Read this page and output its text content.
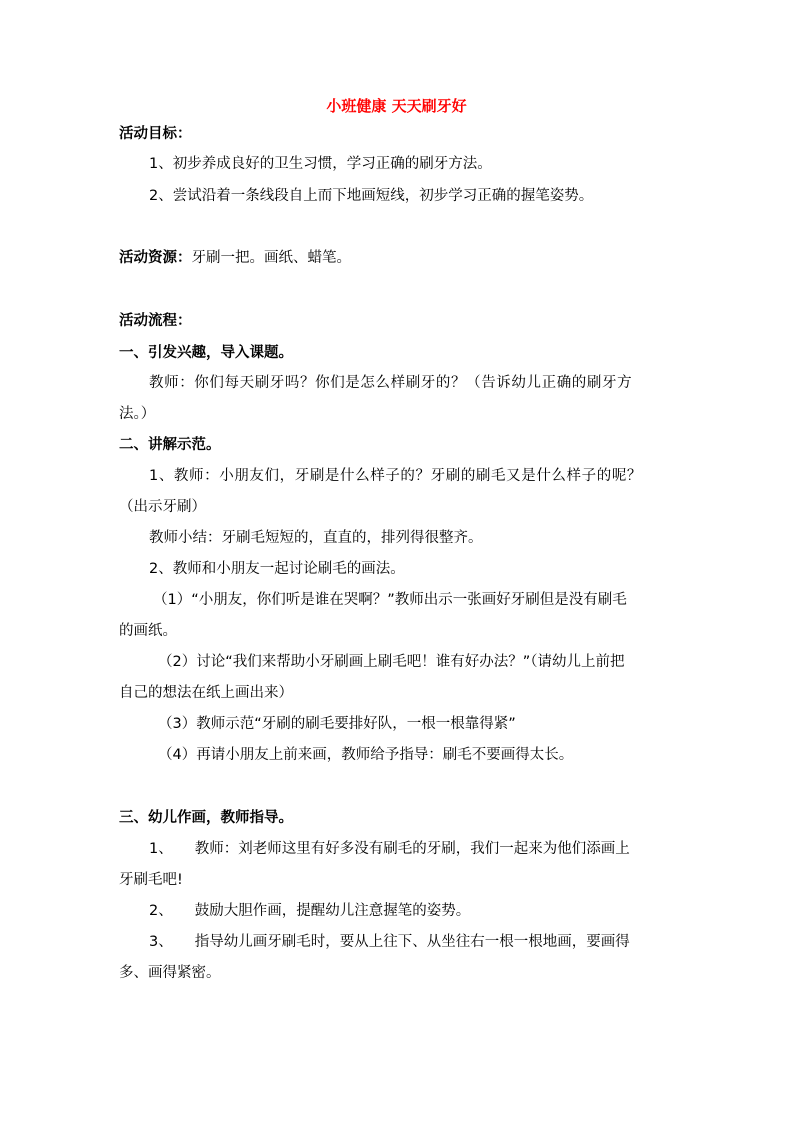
小班健康 天天刷牙好
活动目标：
1、初步养成良好的卫生习惯，学习正确的刷牙方法。
2、尝试沿着一条线段自上而下地画短线，初步学习正确的握笔姿势。
活动资源：牙刷一把。画纸、蜡笔。
活动流程：
一、引发兴趣，导入课题。
教师：你们每天刷牙吗？你们是怎么样刷牙的？（告诉幼儿正确的刷牙方
法。）
二、讲解示范。
1、教师：小朋友们，牙刷是什么样子的？牙刷的刷毛又是什么样子的呢？
（出示牙刷）
教师小结：牙刷毛短短的，直直的，排列得很整齐。
2、教师和小朋友一起讨论刷毛的画法。
（1）“小朋友，你们听是谁在哭啊？”教师出示一张画好牙刷但是没有刷毛
的画纸。
（2）讨论“我们来帮助小牙刷画上刷毛吧！谁有好办法？”（请幼儿上前把
自己的想法在纸上画出来）
（3）教师示范“牙刷的刷毛要排好队，一根一根靠得紧”
（4）再请小朋友上前来画，教师给予指导：刷毛不要画得太长。
三、幼儿作画，教师指导。
1、 教师：刘老师这里有好多没有刷毛的牙刷，我们一起来为他们添画上
牙刷毛吧!
2、 鼓励大胆作画，提醒幼儿注意握笔的姿势。
3、 指导幼儿画牙刷毛时，要从上往下、从坐往右一根一根地画，要画得
多、画得紧密。
